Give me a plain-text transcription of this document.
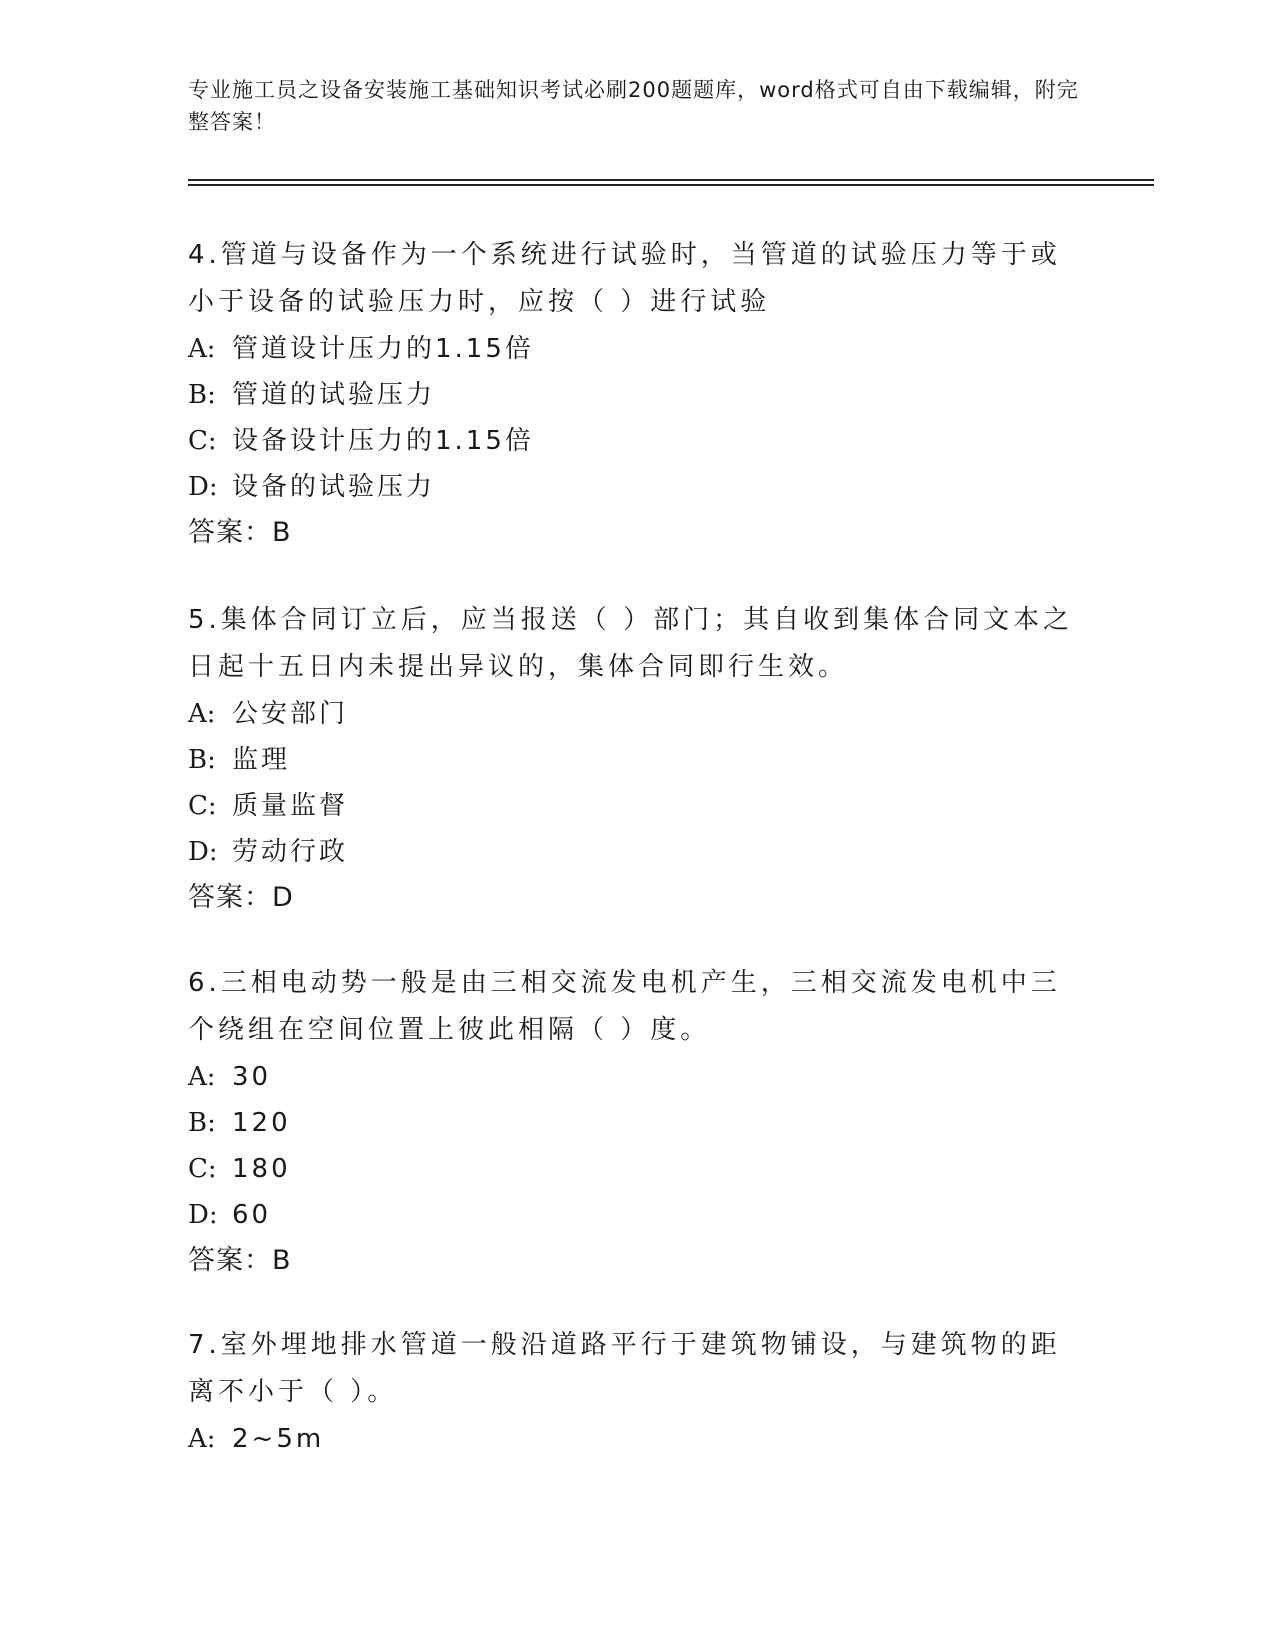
专业施工员之设备安装施工基础知识考试必刷200题题库，word格式可自由下载编辑，附完整答案！

4.管道与设备作为一个系统进行试验时，当管道的试验压力等于或小于设备的试验压力时，应按（ ）进行试验

A: 管道设计压力的1.15倍

B: 管道的试验压力

C: 设备设计压力的1.15倍

D: 设备的试验压力

答案：B

5.集体合同订立后，应当报送（ ）部门；其自收到集体合同文本之日起十五日内未提出异议的，集体合同即行生效。

A: 公安部门

B: 监理

C: 质量监督

D: 劳动行政

答案：D

6.三相电动势一般是由三相交流发电机产生，三相交流发电机中三个绕组在空间位置上彼此相隔（ ）度。

A: 30

B: 120

C: 180

D: 60

答案：B

7.室外埋地排水管道一般沿道路平行于建筑物铺设，与建筑物的距离不小于（ ）。

A: 2~5m
